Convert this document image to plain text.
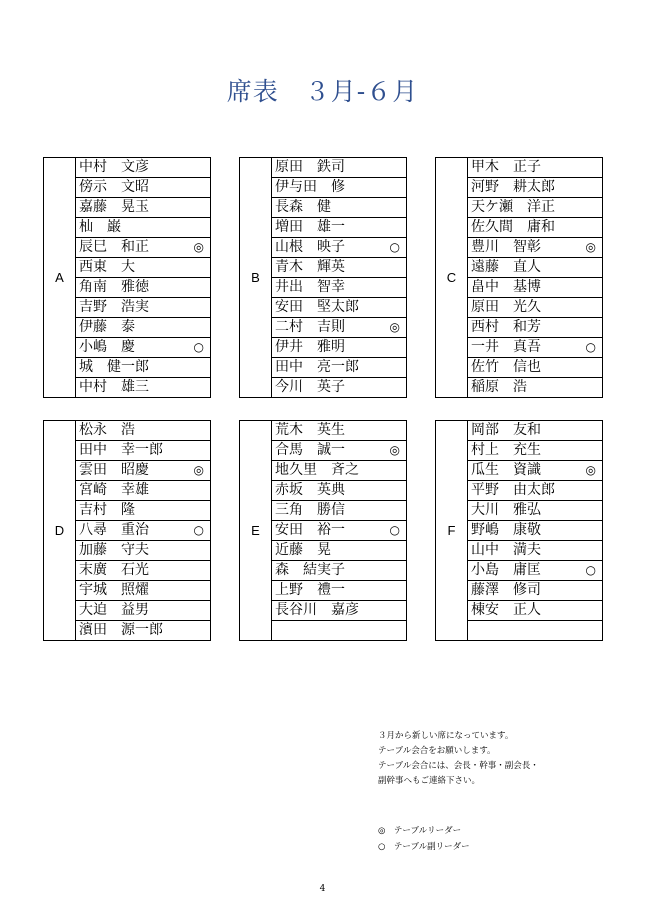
席表　３月-６月
A
中村　文彦
傍示　文昭
嘉藤　晃玉
杣　巌
辰巳　和正	◎
西東　大
角南　雅徳
吉野　浩実
伊藤　泰
小嶋　慶	○
城　健一郎
中村　雄三
B
原田　鉄司
伊与田　修
長森　健
増田　雄一
山根　映子	○
青木　輝英
井出　智幸
安田　堅太郎
二村　吉則	◎
伊井　雅明
田中　亮一郎
今川　英子
C
甲木　正子
河野　耕太郎
天ケ瀬　洋正
佐久間　庸和
豊川　智彰	◎
遠藤　直人
畠中　基博
原田　光久
西村　和芳
一井　真吾	○
佐竹　信也
稲原　浩
D
松永　浩
田中　幸一郎
雲田　昭慶	◎
宮崎　幸雄
吉村　隆
八尋　重治	○
加藤　守夫
末廣　石光
宇城　照燿
大迫　益男
濱田　源一郎
E
荒木　英生
合馬　誠一	◎
地久里　斉之
赤坂　英典
三角　勝信
安田　裕一	○
近藤　晃
森　結実子
上野　禮一
長谷川　嘉彦
F
岡部　友和
村上　充生
瓜生　資識	◎
平野　由太郎
大川　雅弘
野嶋　康敬
山中　満夫
小島　庸匡	○
藤澤　修司
棟安　正人

３月から新しい席になっています。

テーブル会合をお願いします。

テーブル会合には、会長・幹事・副会長・

副幹事へもご連絡下さい。

◎　テーブルリーダー
○　テーブル副リーダー
4
